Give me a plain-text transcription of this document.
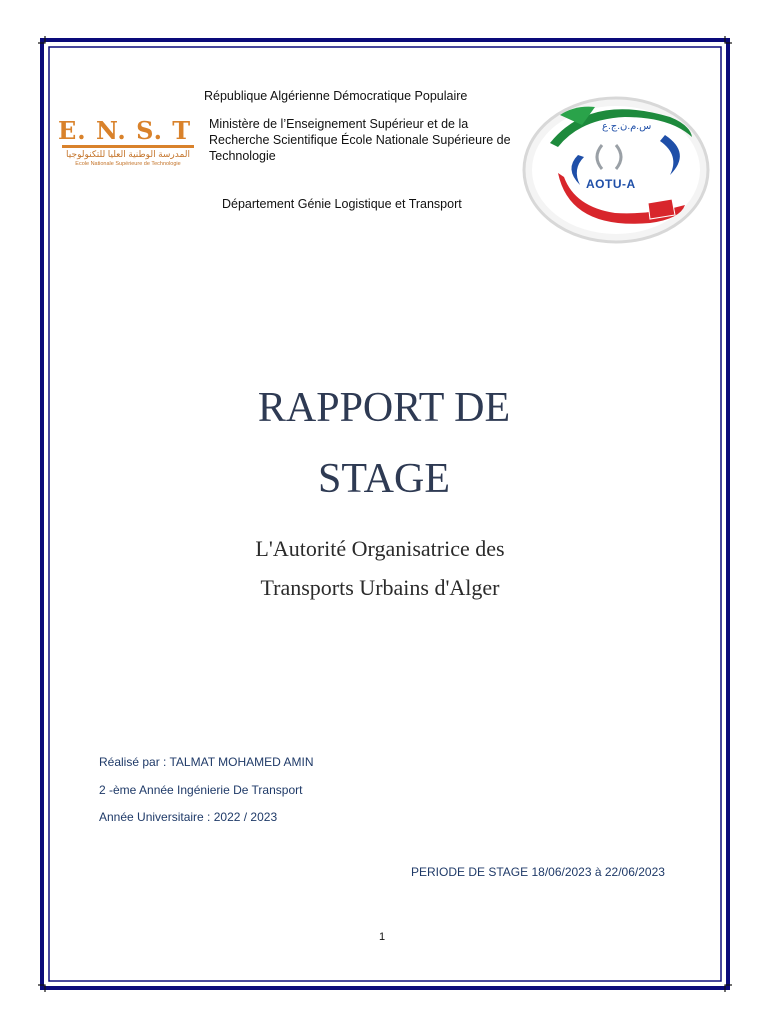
République Algérienne Démocratique Populaire
Ministère de l’Enseignement Supérieur et de la Recherche Scientifique École Nationale Supérieure de Technologie
Département Génie Logistique et Transport
E. N. S. T
المدرسة الوطنية العليا للتكنولوجيا
Ecole Nationale Supérieure de Technologie
س.م.ن.ج.ع
AOTU-A
RAPPORT DE
STAGE
L'Autorité Organisatrice des
Transports Urbains d'Alger
Réalisé par : TALMAT MOHAMED AMIN
2 -ème Année Ingénierie De Transport
Année Universitaire : 2022 / 2023
PERIODE DE STAGE 18/06/2023 à 22/06/2023
1
